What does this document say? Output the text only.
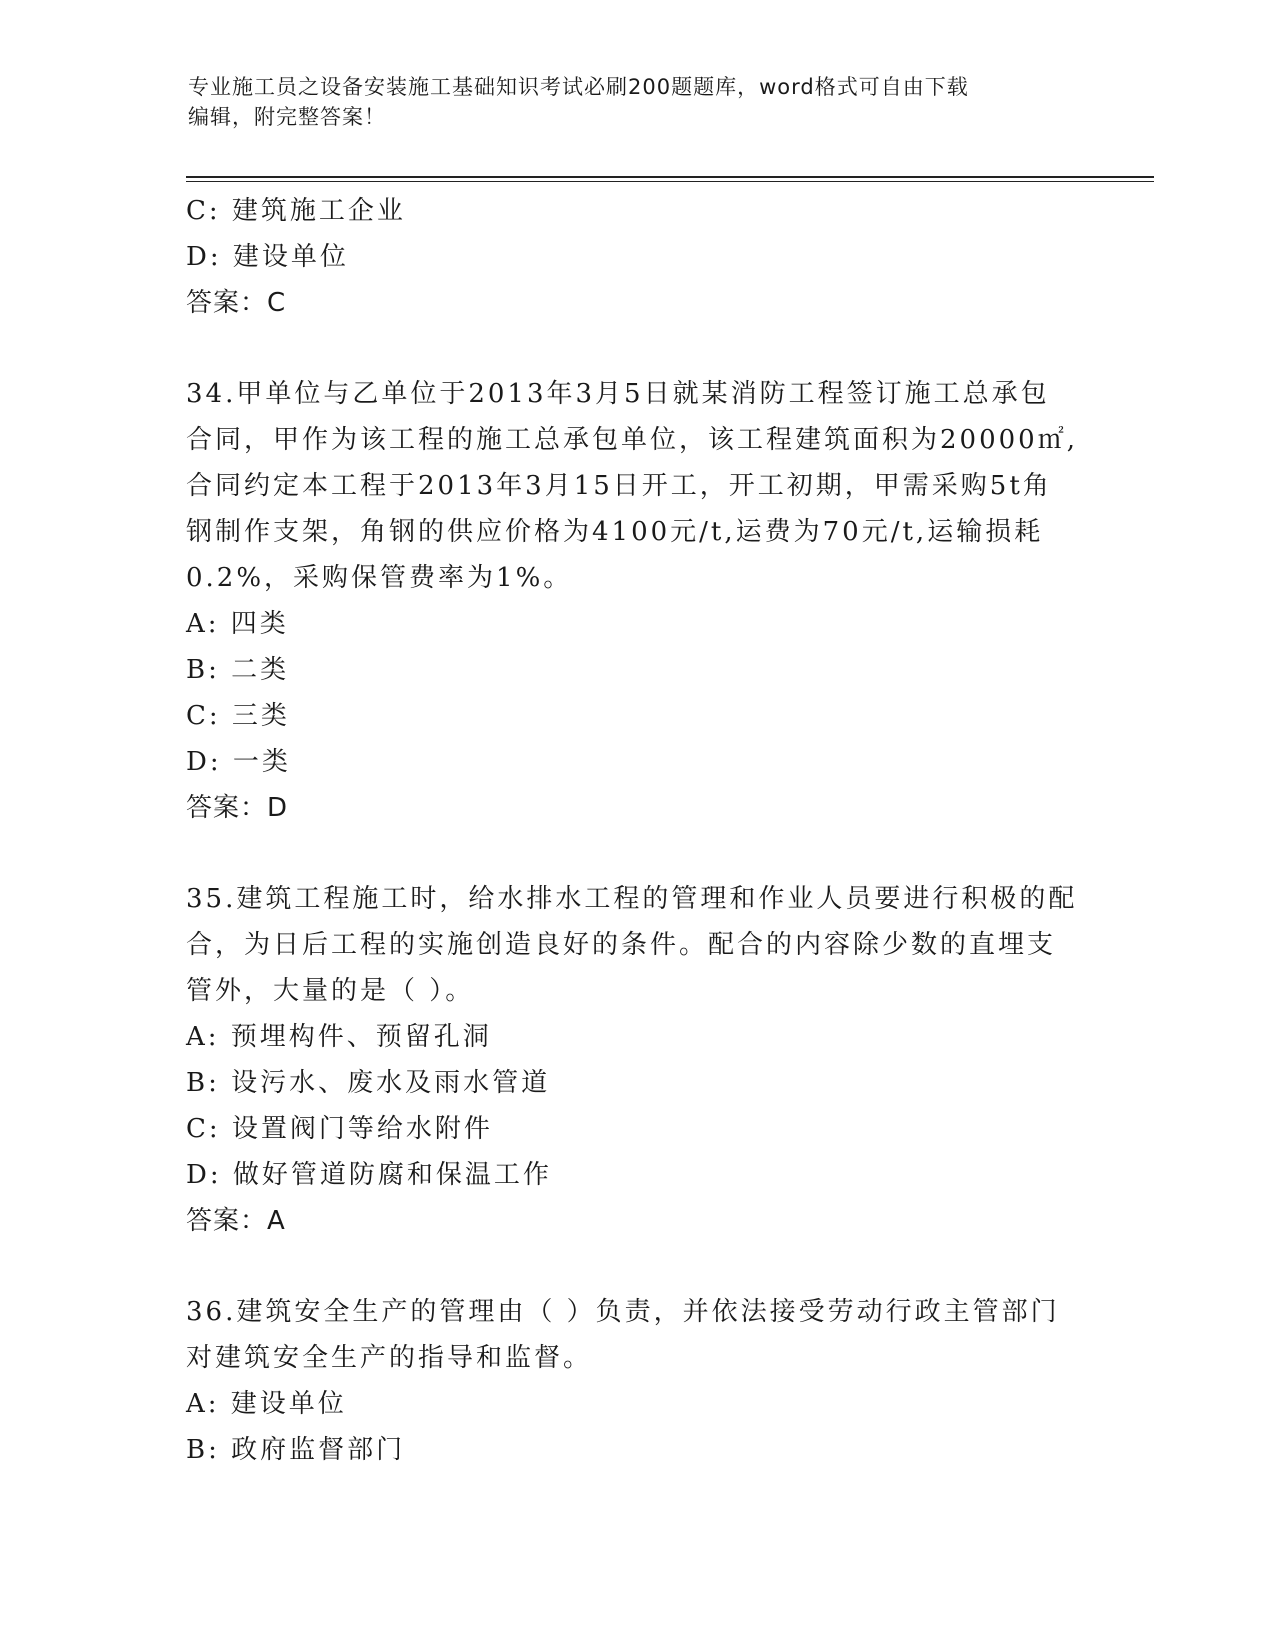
专业施工员之设备安装施工基础知识考试必刷200题题库，word格式可自由下载
编辑，附完整答案！
C: 建筑施工企业
D: 建设单位
答案：C
34.甲单位与乙单位于2013年3月5日就某消防工程签订施工总承包
合同，甲作为该工程的施工总承包单位，该工程建筑面积为20000㎡,
合同约定本工程于2013年3月15日开工，开工初期，甲需采购5t角
钢制作支架，角钢的供应价格为4100元/t,运费为70元/t,运输损耗
0.2%，采购保管费率为1%。
A: 四类
B: 二类
C: 三类
D: 一类
答案：D
35.建筑工程施工时，给水排水工程的管理和作业人员要进行积极的配
合，为日后工程的实施创造良好的条件。配合的内容除少数的直埋支
管外，大量的是（ ）。
A: 预埋构件、预留孔洞
B: 设污水、废水及雨水管道
C: 设置阀门等给水附件
D: 做好管道防腐和保温工作
答案：A
36.建筑安全生产的管理由（ ）负责，并依法接受劳动行政主管部门
对建筑安全生产的指导和监督。
A: 建设单位
B: 政府监督部门
